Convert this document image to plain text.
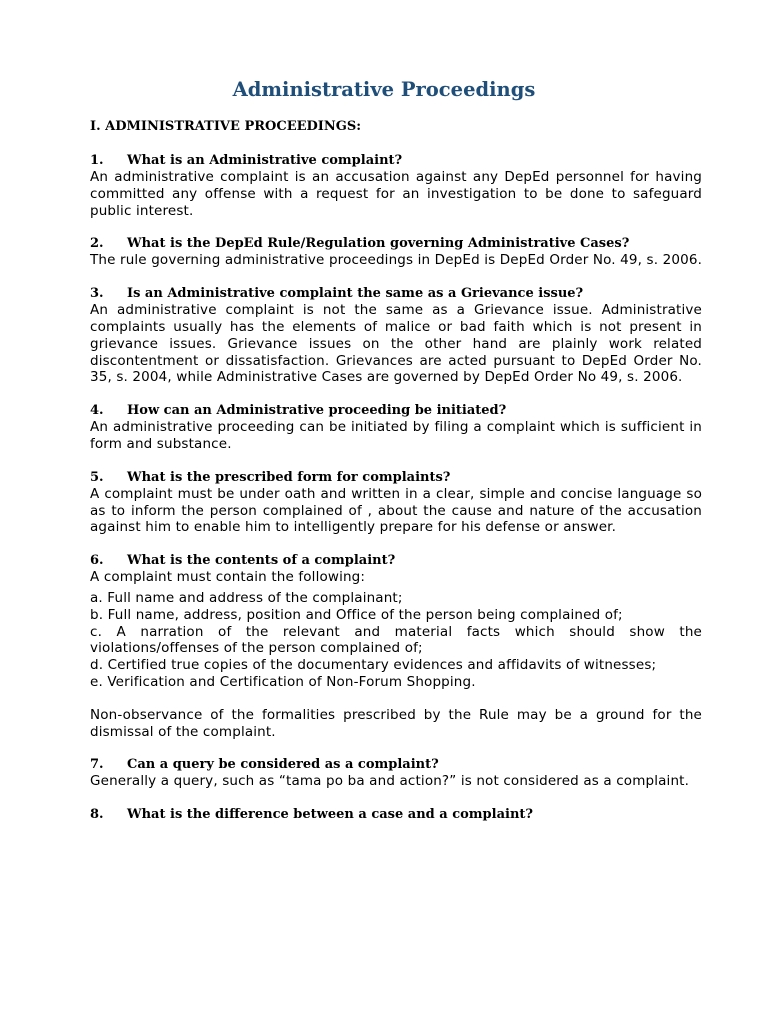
Administrative Proceedings

I. ADMINISTRATIVE PROCEEDINGS:

1. What is an Administrative complaint?

An administrative complaint is an accusation against any DepEd personnel for having committed any offense with a request for an investigation to be done to safeguard public interest.

2. What is the DepEd Rule/Regulation governing Administrative Cases?

The rule governing administrative proceedings in DepEd is DepEd Order No. 49, s. 2006.

3. Is an Administrative complaint the same as a Grievance issue?

An administrative complaint is not the same as a Grievance issue. Administrative complaints usually has the elements of malice or bad faith which is not present in grievance issues. Grievance issues on the other hand are plainly work related discontentment or dissatisfaction. Grievances are acted pursuant to DepEd Order No. 35, s. 2004, while Administrative Cases are governed by DepEd Order No 49, s. 2006.

4. How can an Administrative proceeding be initiated?

An administrative proceeding can be initiated by filing a complaint which is sufficient in form and substance.

5. What is the prescribed form for complaints?

A complaint must be under oath and written in a clear, simple and concise language so as to inform the person complained of , about the cause and nature of the accusation against him to enable him to intelligently prepare for his defense or answer.

6. What is the contents of a complaint?

A complaint must contain the following:

a. Full name and address of the complainant;
b. Full name, address, position and Office of the person being complained of;
c. A narration of the relevant and material facts which should show the violations/offenses of the person complained of;
d. Certified true copies of the documentary evidences and affidavits of witnesses;
e. Verification and Certification of Non-Forum Shopping.

Non-observance of the formalities prescribed by the Rule may be a ground for the dismissal of the complaint.

7. Can a query be considered as a complaint?

Generally a query, such as “tama po ba and action?” is not considered as a complaint.

8. What is the difference between a case and a complaint?
